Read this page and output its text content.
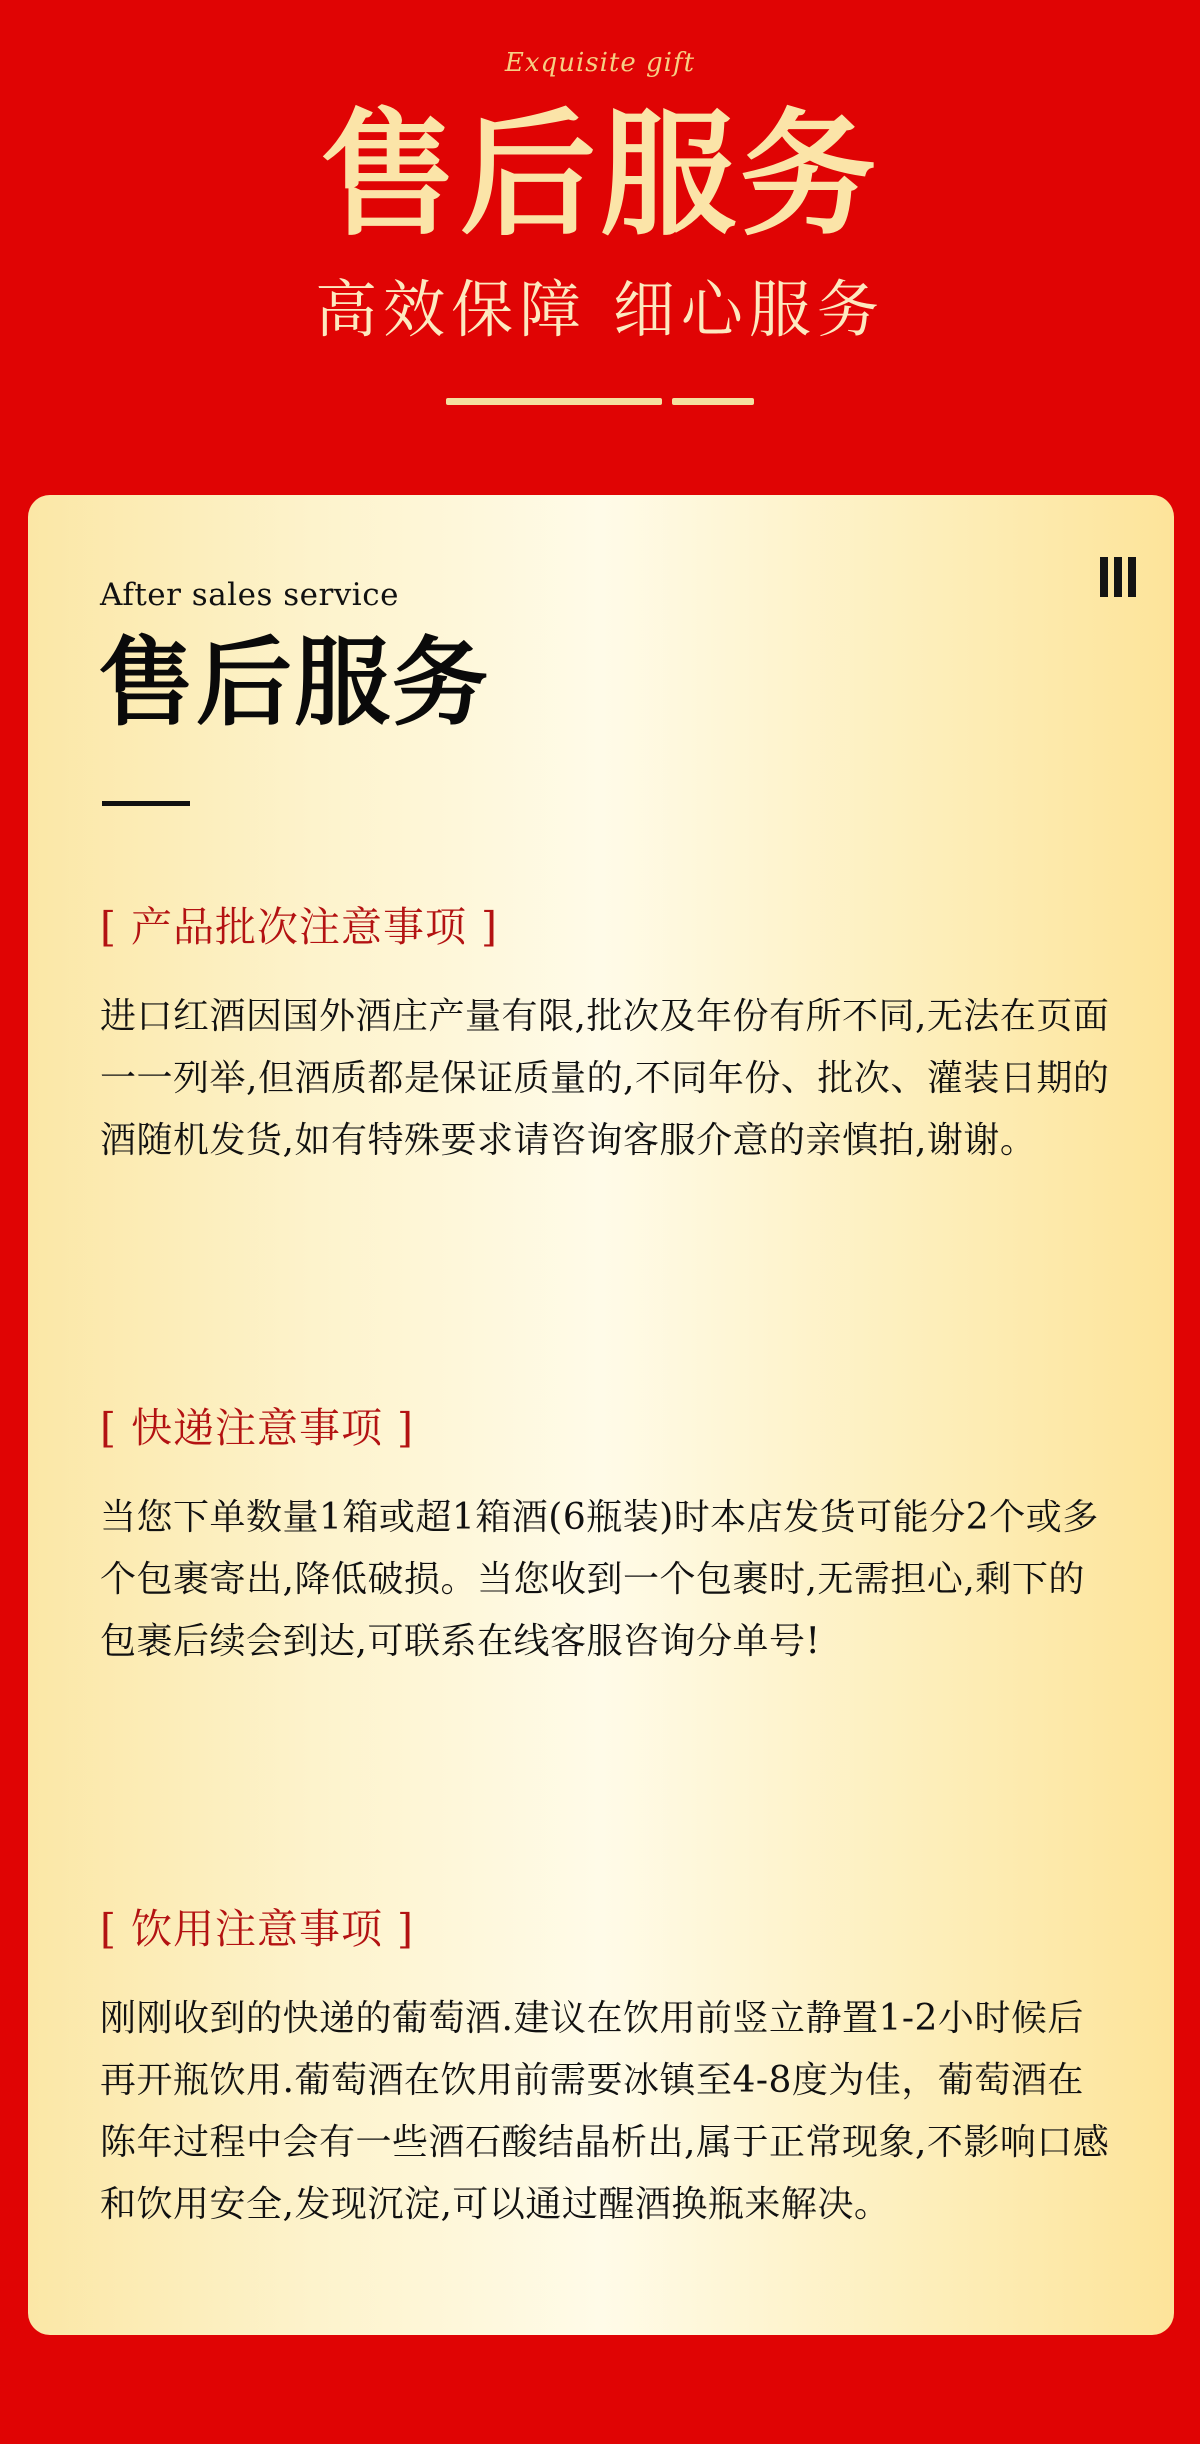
Exquisite gift
售后服务
高效保障 细心服务
After sales service
售后服务
[ 产品批次注意事项 ]
进口红酒因国外酒庄产量有限,批次及年份有所不同,无法在页面一一列举,但酒质都是保证质量的,不同年份、批次、灌装日期的酒随机发货,如有特殊要求请咨询客服介意的亲慎拍,谢谢。
[ 快递注意事项 ]
当您下单数量1箱或超1箱酒(6瓶装)时本店发货可能分2个或多个包裹寄出,降低破损。当您收到一个包裹时,无需担心,剩下的包裹后续会到达,可联系在线客服咨询分单号!
[ 饮用注意事项 ]
刚刚收到的快递的葡萄酒.建议在饮用前竖立静置1-2小时候后再开瓶饮用.葡萄酒在饮用前需要冰镇至4-8度为佳，葡萄酒在陈年过程中会有一些酒石酸结晶析出,属于正常现象,不影响口感和饮用安全,发现沉淀,可以通过醒酒换瓶来解决。
